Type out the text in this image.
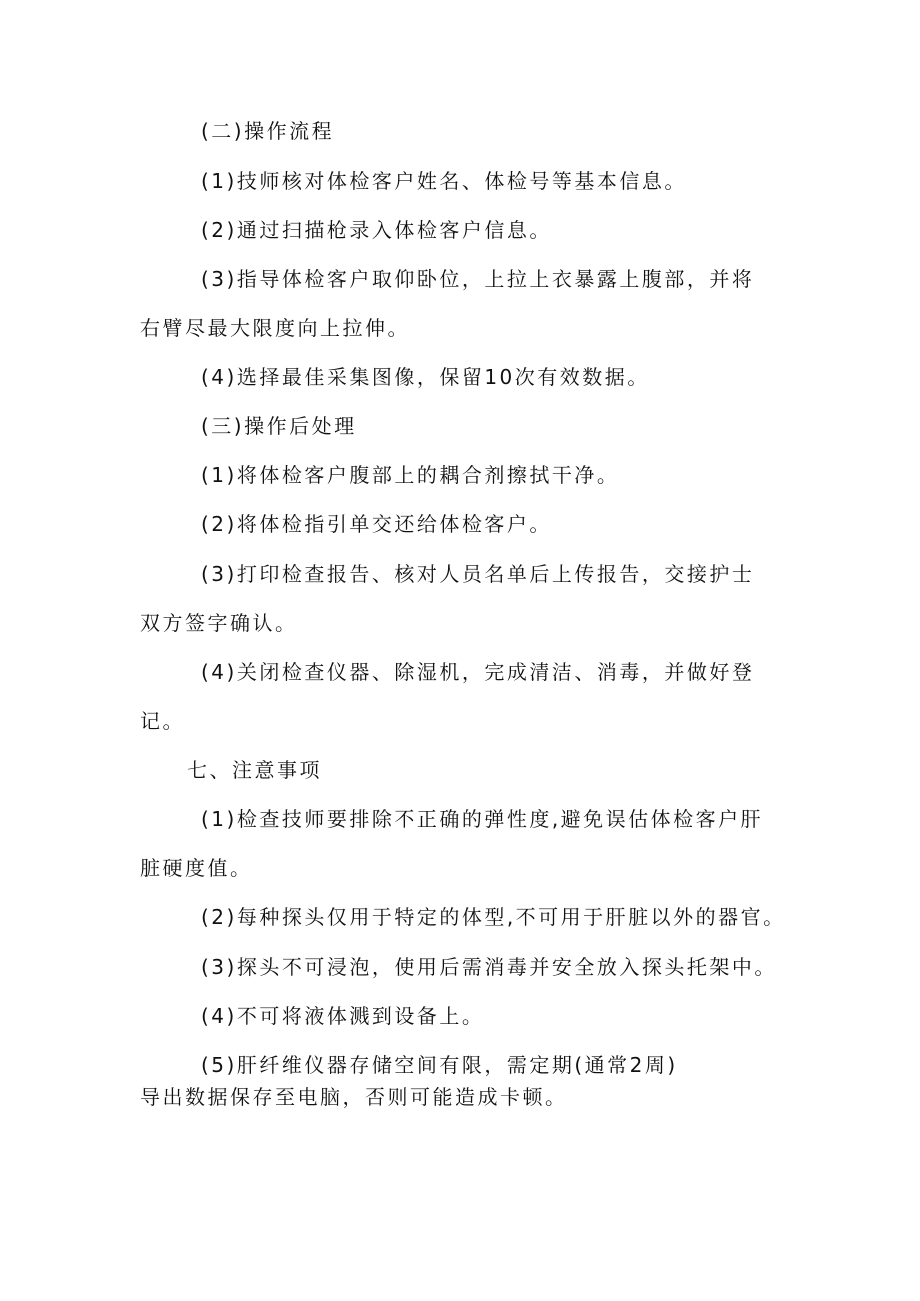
(二)操作流程

(1)技师核对体检客户姓名、体检号等基本信息。

(2)通过扫描枪录入体检客户信息。

(3)指导体检客户取仰卧位，上拉上衣暴露上腹部，并将

右臂尽最大限度向上拉伸。

(4)选择最佳采集图像，保留10次有效数据。

(三)操作后处理

(1)将体检客户腹部上的耦合剂擦拭干净。

(2)将体检指引单交还给体检客户。

(3)打印检查报告、核对人员名单后上传报告，交接护士

双方签字确认。

(4)关闭检查仪器、除湿机，完成清洁、消毒，并做好登

记。

七、注意事项

(1)检查技师要排除不正确的弹性度,避免误估体检客户肝

脏硬度值。

(2)每种探头仅用于特定的体型,不可用于肝脏以外的器官。

(3)探头不可浸泡，使用后需消毒并安全放入探头托架中。

(4)不可将液体溅到设备上。

(5)肝纤维仪器存储空间有限，需定期(通常2周)

导出数据保存至电脑，否则可能造成卡顿。
